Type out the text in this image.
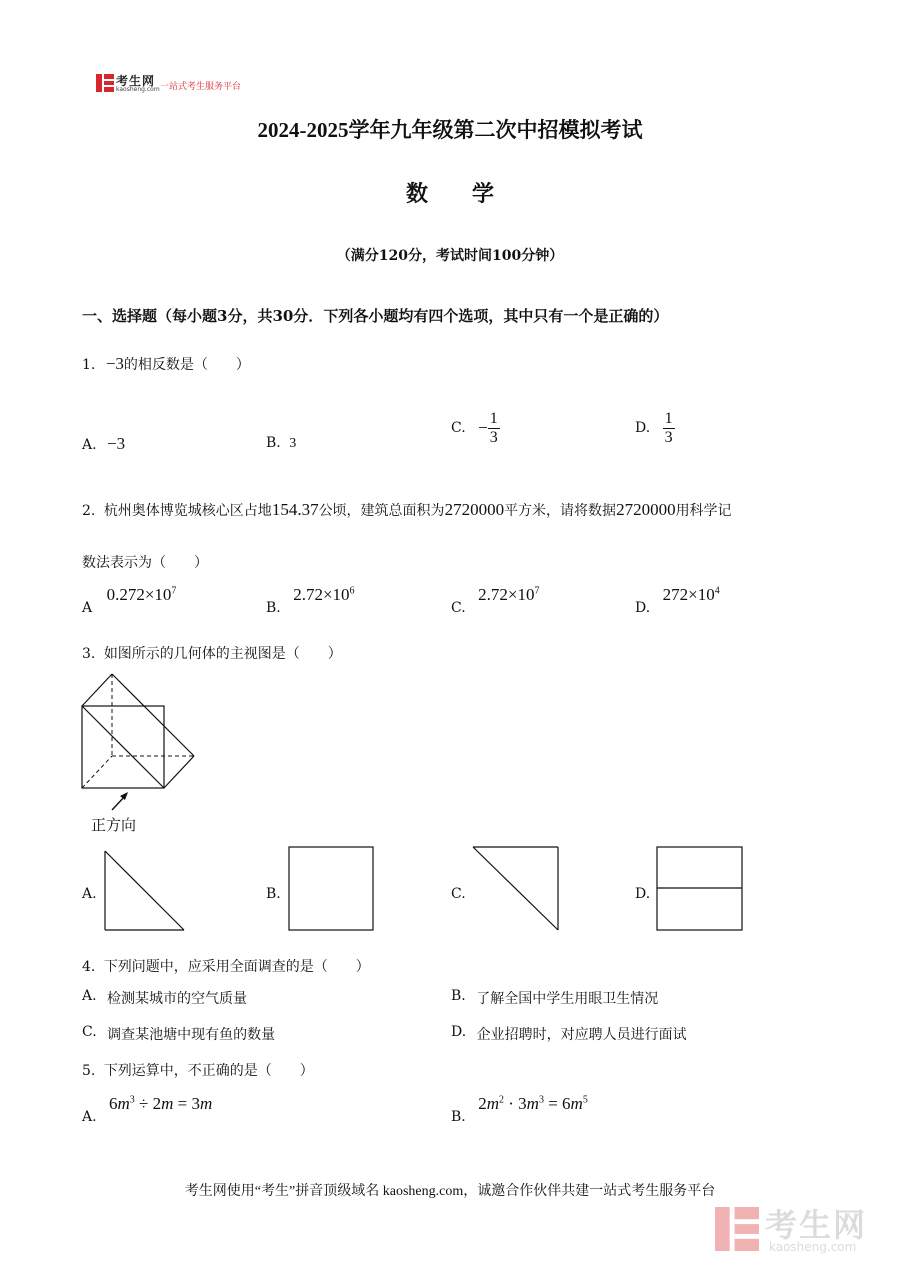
考生网
kaosheng.com 一站式考生服务平台
2024-2025学年九年级第二次中招模拟考试
数　　学
（满分120分，考试时间100分钟）
一、选择题（每小题3分，共30分．下列各小题均有四个选项，其中只有一个是正确的）
1. −3的相反数是（　　）
A. −3	B. 3
C. − $\frac{1}{3}$	D. $\frac{1}{3}$
2. 杭州奥体博览城核心区占地154.37公顷，建筑总面积为2720000平方米，请将数据2720000用科学记
数法表示为（　　）
A $0.272\times 10^7$
B. $2.72\times 10^6$
C. $2.72\times 10^7$
D. $272\times 10^4$
3. 如图所示的几何体的主视图是（　　）
正方向
A.	B.	C.	D.
4. 下列问题中，应采用全面调查的是（　　）
A. 检测某城市的空气质量	B. 了解全国中学生用眼卫生情况
C. 调查某池塘中现有鱼的数量	D. 企业招聘时，对应聘人员进行面试
5. 下列运算中，不正确的是（　　）
A. $6m^3 \div 2m = 3m$
B. $2m^2 \cdot 3m^3 = 6m^5$
考生网使用“考生”拼音顶级域名 kaosheng.com，诚邀合作伙伴共建一站式考生服务平台
考生网
kaosheng.com
